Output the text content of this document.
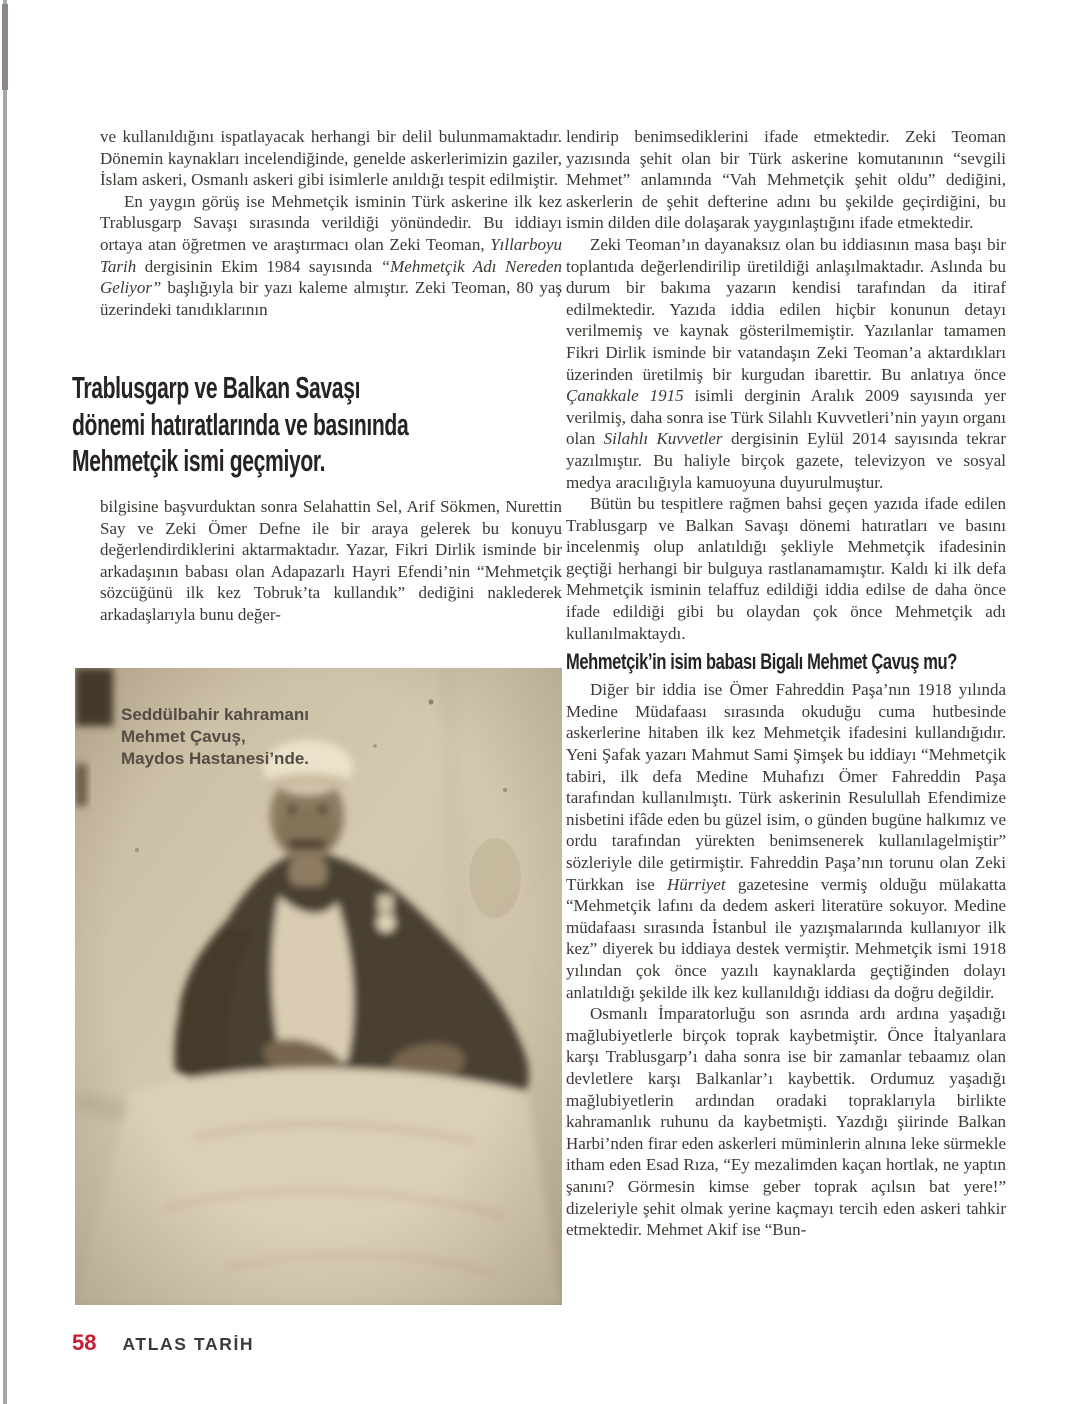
ve kullanıldığını ispatlayacak herhangi bir delil bulunmamaktadır. Dönemin kaynakları incelendiğinde, genelde askerlerimizin gaziler, İslam askeri, Osmanlı askeri gibi isimlerle anıldığı tespit edilmiştir.

En yaygın görüş ise Mehmetçik isminin Türk askerine ilk kez Trablusgarp Savaşı sırasında verildiği yönündedir. Bu iddiayı ortaya atan öğretmen ve araştırmacı olan Zeki Teoman, Yıllarboyu Tarih dergisinin Ekim 1984 sayısında “Mehmetçik Adı Nereden Geliyor” başlığıyla bir yazı kaleme almıştır. Zeki Teoman, 80 yaş üzerindeki tanıdıklarının

Trablusgarp ve Balkan Savaşı
dönemi hatıratlarında ve basınında
Mehmetçik ismi geçmiyor.

bilgisine başvurduktan sonra Selahattin Sel, Arif Sökmen, Nurettin Say ve Zeki Ömer Defne ile bir araya gelerek bu konuyu değerlendirdiklerini aktarmaktadır. Yazar, Fikri Dirlik isminde bir arkadaşının babası olan Adapazarlı Hayri Efendi’nin “Mehmetçik sözcüğünü ilk kez Tobruk’ta kullandık” dediğini naklederek arkadaşlarıyla bunu değer-

Seddülbahir kahramanı
Mehmet Çavuş,
Maydos Hastanesi’nde.

lendirip benimsediklerini ifade etmektedir. Zeki Teoman yazısında şehit olan bir Türk askerine komutanının “sevgili Mehmet” anlamında “Vah Mehmetçik şehit oldu” dediğini, askerlerin de şehit defterine adını bu şekilde geçirdiğini, bu ismin dilden dile dolaşarak yaygınlaştığını ifade etmektedir.

Zeki Teoman’ın dayanaksız olan bu iddiasının masa başı bir toplantıda değerlendirilip üretildiği anlaşılmaktadır. Aslında bu durum bir bakıma yazarın kendisi tarafından da itiraf edilmektedir. Yazıda iddia edilen hiçbir konunun detayı verilmemiş ve kaynak gösterilmemiştir. Yazılanlar tamamen Fikri Dirlik isminde bir vatandaşın Zeki Teoman’a aktardıkları üzerinden üretilmiş bir kurgudan ibarettir. Bu anlatıya önce Çanakkale 1915 isimli derginin Aralık 2009 sayısında yer verilmiş, daha sonra ise Türk Silahlı Kuvvetleri’nin yayın organı olan Silahlı Kuvvetler dergisinin Eylül 2014 sayısında tekrar yazılmıştır. Bu haliyle birçok gazete, televizyon ve sosyal medya aracılığıyla kamuoyuna duyurulmuştur.

Bütün bu tespitlere rağmen bahsi geçen yazıda ifade edilen Trablusgarp ve Balkan Savaşı dönemi hatıratları ve basını incelenmiş olup anlatıldığı şekliyle Mehmetçik ifadesinin geçtiği herhangi bir bulguya rastlanamamıştır. Kaldı ki ilk defa Mehmetçik isminin telaffuz edildiği iddia edilse de daha önce ifade edildiği gibi bu olaydan çok önce Mehmetçik adı kullanılmaktaydı.

Mehmetçik’in isim babası Bigalı Mehmet Çavuş mu?

Diğer bir iddia ise Ömer Fahreddin Paşa’nın 1918 yılında Medine Müdafaası sırasında okuduğu cuma hutbesinde askerlerine hitaben ilk kez Mehmetçik ifadesini kullandığıdır. Yeni Şafak yazarı Mahmut Sami Şimşek bu iddiayı “Mehmetçik tabiri, ilk defa Medine Muhafızı Ömer Fahreddin Paşa tarafından kullanılmıştı. Türk askerinin Resulullah Efendimize nisbetini ifâde eden bu güzel isim, o günden bugüne halkımız ve ordu tarafından yürekten benimsenerek kullanılagelmiştir” sözleriyle dile getirmiştir. Fahreddin Paşa’nın torunu olan Zeki Türkkan ise Hürriyet gazetesine vermiş olduğu mülakatta “Mehmetçik lafını da dedem askeri literatüre sokuyor. Medine müdafaası sırasında İstanbul ile yazışmalarında kullanıyor ilk kez” diyerek bu iddiaya destek vermiştir. Mehmetçik ismi 1918 yılından çok önce yazılı kaynaklarda geçtiğinden dolayı anlatıldığı şekilde ilk kez kullanıldığı iddiası da doğru değildir.

Osmanlı İmparatorluğu son asrında ardı ardına yaşadığı mağlubiyetlerle birçok toprak kaybetmiştir. Önce İtalyanlara karşı Trablusgarp’ı daha sonra ise bir zamanlar tebaamız olan devletlere karşı Balkanlar’ı kaybettik. Ordumuz yaşadığı mağlubiyetlerin ardından oradaki topraklarıyla birlikte kahramanlık ruhunu da kaybetmişti. Yazdığı şiirinde Balkan Harbi’nden firar eden askerleri müminlerin alnına leke sürmekle itham eden Esad Rıza, “Ey mezalimden kaçan hortlak, ne yaptın şanını? Görmesin kimse geber toprak açılsın bat yere!” dizeleriyle şehit olmak yerine kaçmayı tercih eden askeri tahkir etmektedir. Mehmet Akif ise “Bun-

58 ATLAS TARİH
